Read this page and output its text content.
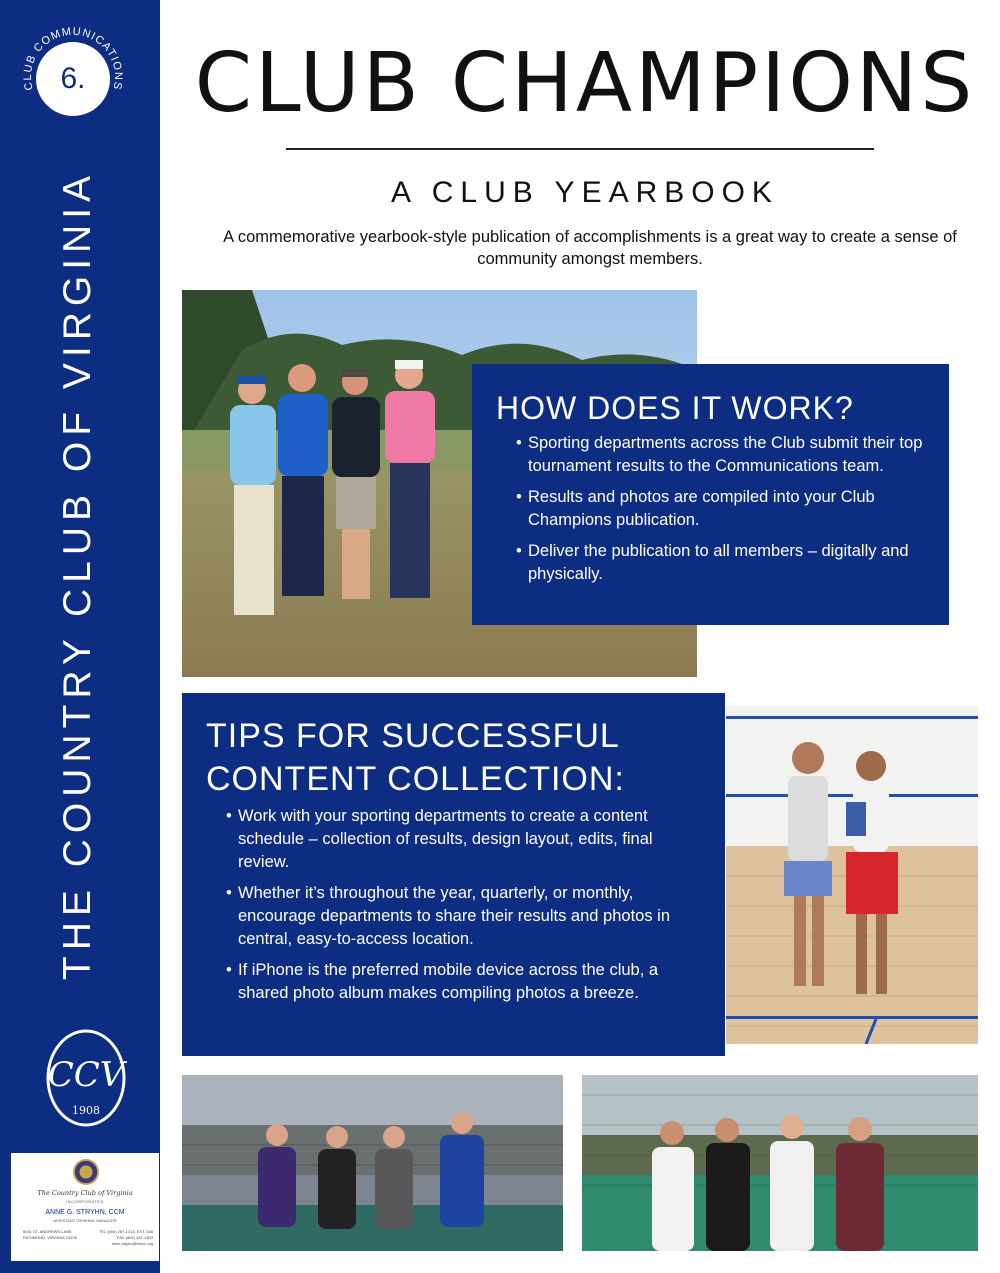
CLUB COMMUNICATIONS
6.
THE COUNTRY CLUB OF VIRGINIA
CCV
1908
The Country Club of Virginia
INCORPORATED
ANNE G. STRYHN, CCM
ASSISTANT GENERAL MANAGER
6031 ST. ANDREWS LANE
RICHMOND, VIRGINIA 23226
TEL (804) 287-1313, EXT. 538
FAX (804) 287-1303
anne.stryhn@thecc.org
CLUB CHAMPIONS
A CLUB YEARBOOK

A commemorative yearbook-style publication of accomplishments is a great way to create a sense of community amongst members.

HOW DOES IT WORK?
• Sporting departments across the Club submit their top tournament results to the Communications team.
• Results and photos are compiled into your Club Champions publication.
• Deliver the publication to all members – digitally and physically.
TIPS FOR SUCCESSFUL
CONTENT COLLECTION:
• Work with your sporting departments to create a content schedule – collection of results, design layout, edits, final review.
• Whether it’s throughout the year, quarterly, or monthly, encourage departments to share their results and photos in central, easy-to-access location.
• If iPhone is the preferred mobile device across the club, a shared photo album makes compiling photos a breeze.
